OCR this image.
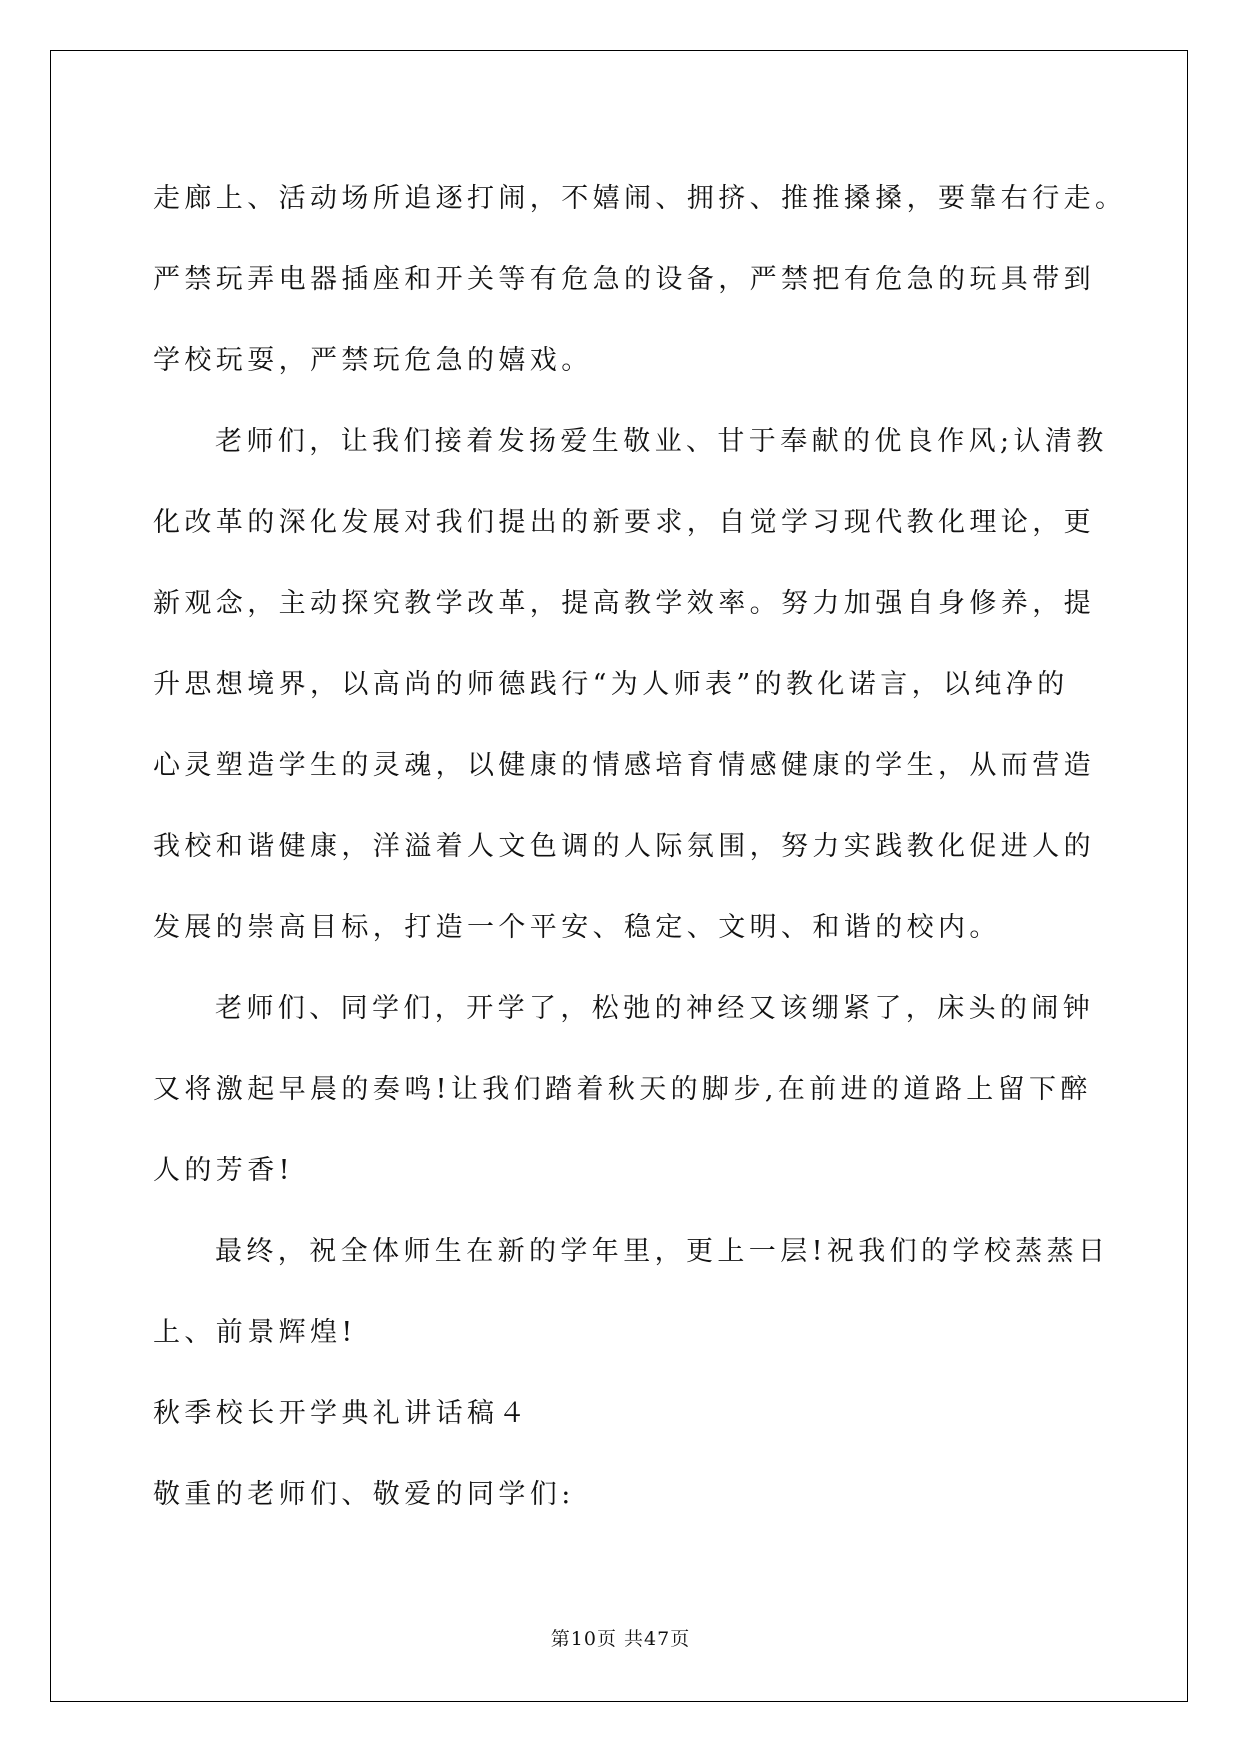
走廊上、活动场所追逐打闹，不嬉闹、拥挤、推推搡搡，要靠右行走。
严禁玩弄电器插座和开关等有危急的设备，严禁把有危急的玩具带到
学校玩耍，严禁玩危急的嬉戏。
老师们，让我们接着发扬爱生敬业、甘于奉献的优良作风;认清教
化改革的深化发展对我们提出的新要求，自觉学习现代教化理论，更
新观念，主动探究教学改革，提高教学效率。努力加强自身修养，提
升思想境界，以高尚的师德践行“为人师表”的教化诺言，以纯净的
心灵塑造学生的灵魂，以健康的情感培育情感健康的学生，从而营造
我校和谐健康，洋溢着人文色调的人际氛围，努力实践教化促进人的
发展的崇高目标，打造一个平安、稳定、文明、和谐的校内。
老师们、同学们，开学了，松弛的神经又该绷紧了，床头的闹钟
又将激起早晨的奏鸣!让我们踏着秋天的脚步,在前进的道路上留下醉
人的芳香!
最终，祝全体师生在新的学年里，更上一层!祝我们的学校蒸蒸日
上、前景辉煌!
秋季校长开学典礼讲话稿４
敬重的老师们、敬爱的同学们:
第10页 共47页
